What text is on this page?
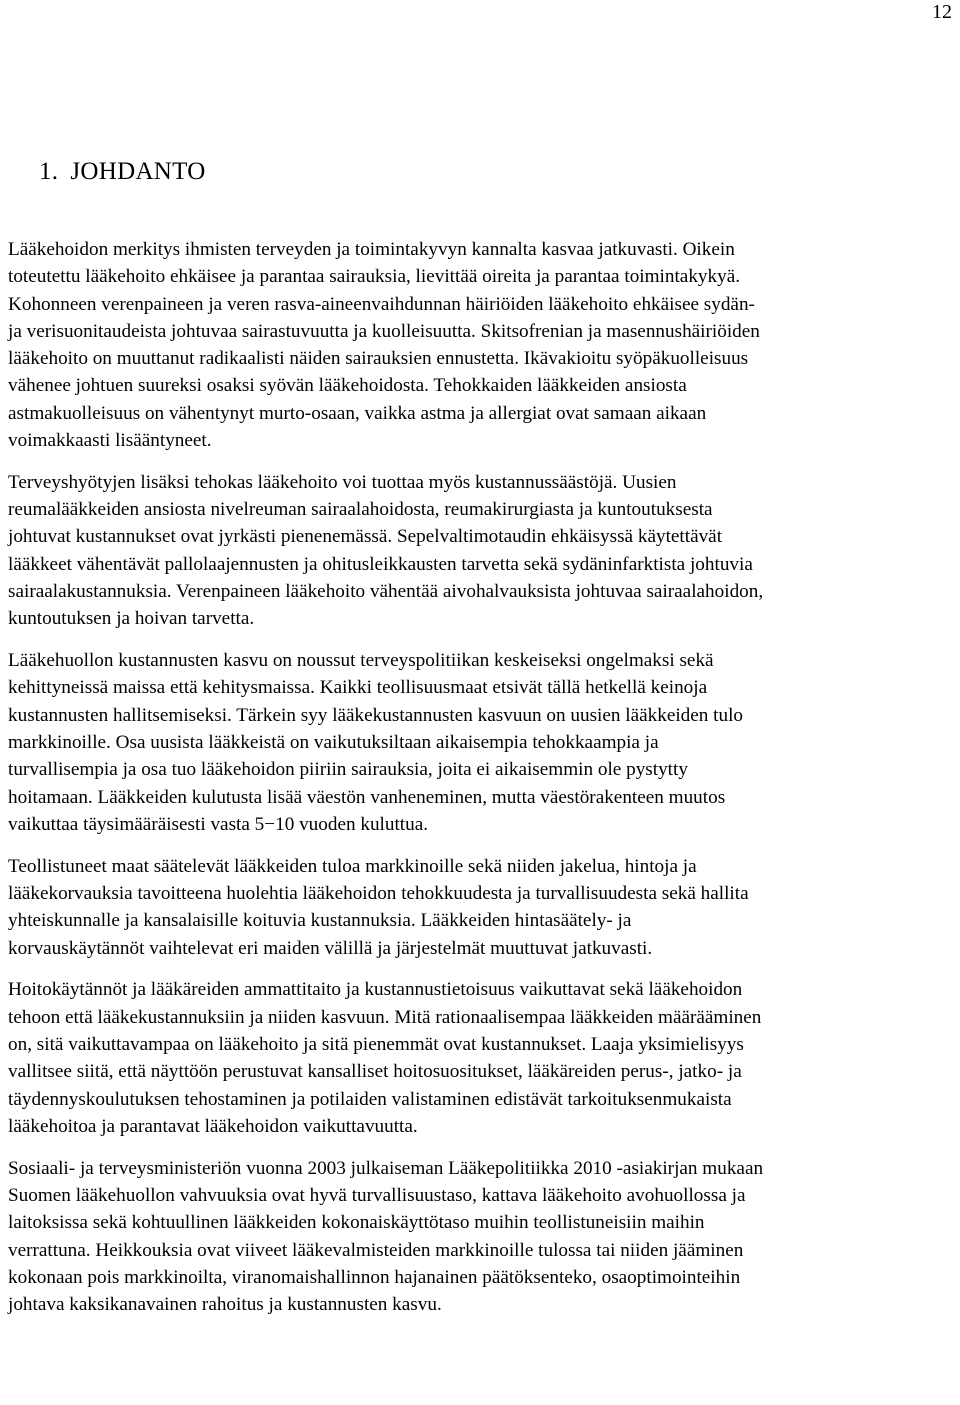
12
1. JOHDANTO

Lääkehoidon merkitys ihmisten terveyden ja toimintakyvyn kannalta kasvaa jatkuvasti. Oikein
toteutettu lääkehoito ehkäisee ja parantaa sairauksia, lievittää oireita ja parantaa toimintakykyä.
Kohonneen verenpaineen ja veren rasva-aineenvaihdunnan häiriöiden lääkehoito ehkäisee sydän-
ja verisuonitaudeista johtuvaa sairastuvuutta ja kuolleisuutta. Skitsofrenian ja masennushäiriöiden
lääkehoito on muuttanut radikaalisti näiden sairauksien ennustetta. Ikävakioitu syöpäkuolleisuus
vähenee johtuen suureksi osaksi syövän lääkehoidosta. Tehokkaiden lääkkeiden ansiosta
astmakuolleisuus on vähentynyt murto-osaan, vaikka astma ja allergiat ovat samaan aikaan
voimakkaasti lisääntyneet.

Terveyshyötyjen lisäksi tehokas lääkehoito voi tuottaa myös kustannussäästöjä. Uusien
reumalääkkeiden ansiosta nivelreuman sairaalahoidosta, reumakirurgiasta ja kuntoutuksesta
johtuvat kustannukset ovat jyrkästi pienenemässä. Sepelvaltimotaudin ehkäisyssä käytettävät
lääkkeet vähentävät pallolaajennusten ja ohitusleikkausten tarvetta sekä sydäninfarktista johtuvia
sairaalakustannuksia. Verenpaineen lääkehoito vähentää aivohalvauksista johtuvaa sairaalahoidon,
kuntoutuksen ja hoivan tarvetta.

Lääkehuollon kustannusten kasvu on noussut terveyspolitiikan keskeiseksi ongelmaksi sekä
kehittyneissä maissa että kehitysmaissa. Kaikki teollisuusmaat etsivät tällä hetkellä keinoja
kustannusten hallitsemiseksi. Tärkein syy lääkekustannusten kasvuun on uusien lääkkeiden tulo
markkinoille. Osa uusista lääkkeistä on vaikutuksiltaan aikaisempia tehokkaampia ja
turvallisempia ja osa tuo lääkehoidon piiriin sairauksia, joita ei aikaisemmin ole pystytty
hoitamaan. Lääkkeiden kulutusta lisää väestön vanheneminen, mutta väestörakenteen muutos
vaikuttaa täysimääräisesti vasta 5−10 vuoden kuluttua.

Teollistuneet maat säätelevät lääkkeiden tuloa markkinoille sekä niiden jakelua, hintoja ja
lääkekorvauksia tavoitteena huolehtia lääkehoidon tehokkuudesta ja turvallisuudesta sekä hallita
yhteiskunnalle ja kansalaisille koituvia kustannuksia. Lääkkeiden hintasäätely- ja
korvauskäytännöt vaihtelevat eri maiden välillä ja järjestelmät muuttuvat jatkuvasti.

Hoitokäytännöt ja lääkäreiden ammattitaito ja kustannustietoisuus vaikuttavat sekä lääkehoidon
tehoon että lääkekustannuksiin ja niiden kasvuun. Mitä rationaalisempaa lääkkeiden määrääminen
on, sitä vaikuttavampaa on lääkehoito ja sitä pienemmät ovat kustannukset. Laaja yksimielisyys
vallitsee siitä, että näyttöön perustuvat kansalliset hoitosuositukset, lääkäreiden perus-, jatko- ja
täydennyskoulutuksen tehostaminen ja potilaiden valistaminen edistävät tarkoituksenmukaista
lääkehoitoa ja parantavat lääkehoidon vaikuttavuutta.

Sosiaali- ja terveysministeriön vuonna 2003 julkaiseman Lääkepolitiikka 2010 -asiakirjan mukaan
Suomen lääkehuollon vahvuuksia ovat hyvä turvallisuustaso, kattava lääkehoito avohuollossa ja
laitoksissa sekä kohtuullinen lääkkeiden kokonaiskäyttötaso muihin teollistuneisiin maihin
verrattuna. Heikkouksia ovat viiveet lääkevalmisteiden markkinoille tulossa tai niiden jääminen
kokonaan pois markkinoilta, viranomaishallinnon hajanainen päätöksenteko, osaoptimointeihin
johtava kaksikanavainen rahoitus ja kustannusten kasvu.
